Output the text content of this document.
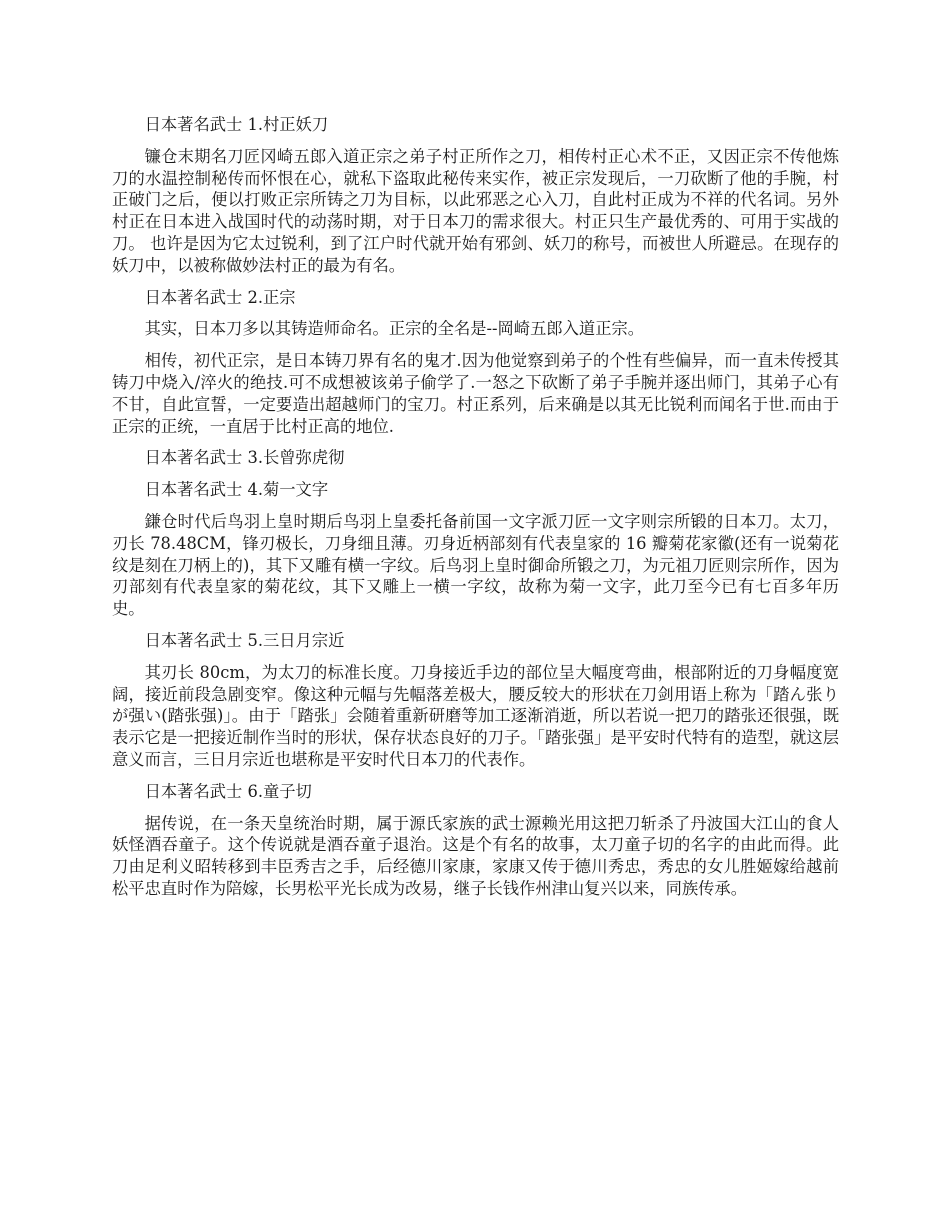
日本著名武士 1.村正妖刀

镰仓末期名刀匠冈崎五郎入道正宗之弟子村正所作之刀，相传村正心术不正，又因正宗不传他炼刀的水温控制秘传而怀恨在心，就私下盗取此秘传来实作，被正宗发现后，一刀砍断了他的手腕，村正破门之后，便以打败正宗所铸之刀为目标，以此邪恶之心入刀，自此村正成为不祥的代名词。另外村正在日本进入战国时代的动荡时期，对于日本刀的需求很大。村正只生产最优秀的、可用于实战的刀。 也许是因为它太过锐利，到了江户时代就开始有邪剑、妖刀的称号，而被世人所避忌。在现存的妖刀中，以被称做妙法村正的最为有名。

日本著名武士 2.正宗

其实，日本刀多以其铸造师命名。正宗的全名是--岡崎五郎入道正宗。

相传，初代正宗，是日本铸刀界有名的鬼才.因为他觉察到弟子的个性有些偏异，而一直未传授其铸刀中烧入/淬火的绝技.可不成想被该弟子偷学了.一怒之下砍断了弟子手腕并逐出师门，其弟子心有不甘，自此宣誓，一定要造出超越师门的宝刀。村正系列，后来确是以其无比锐利而闻名于世.而由于正宗的正统，一直居于比村正高的地位.

日本著名武士 3.长曾弥虎彻

日本著名武士 4.菊一文字

鎌仓时代后鸟羽上皇时期后鸟羽上皇委托备前国一文字派刀匠一文字则宗所锻的日本刀。太刀，刃长 78.48CM，锋刃极长，刀身细且薄。刃身近柄部刻有代表皇家的 16 瓣菊花家徽(还有一说菊花纹是刻在刀柄上的)，其下又雕有横一字纹。后鸟羽上皇时御命所锻之刀，为元祖刀匠则宗所作，因为刃部刻有代表皇家的菊花纹，其下又雕上一横一字纹，故称为菊一文字，此刀至今已有七百多年历史。

日本著名武士 5.三日月宗近

其刃长 80cm，为太刀的标准长度。刀身接近手边的部位呈大幅度弯曲，根部附近的刀身幅度宽阔，接近前段急剧变窄。像这种元幅与先幅落差极大，腰反较大的形状在刀剑用语上称为「踏ん张りが强い(踏张强)」。由于「踏张」会随着重新研磨等加工逐渐消逝，所以若说一把刀的踏张还很强，既表示它是一把接近制作当时的形状，保存状态良好的刀子。「踏张强」是平安时代特有的造型，就这层意义而言，三日月宗近也堪称是平安时代日本刀的代表作。

日本著名武士 6.童子切

据传说，在一条天皇统治时期，属于源氏家族的武士源赖光用这把刀斩杀了丹波国大江山的食人妖怪酒吞童子。这个传说就是酒吞童子退治。这是个有名的故事，太刀童子切的名字的由此而得。此刀由足利义昭转移到丰臣秀吉之手，后经德川家康，家康又传于德川秀忠，秀忠的女儿胜姬嫁给越前松平忠直时作为陪嫁，长男松平光长成为改易，继子长钱作州津山复兴以来，同族传承。
